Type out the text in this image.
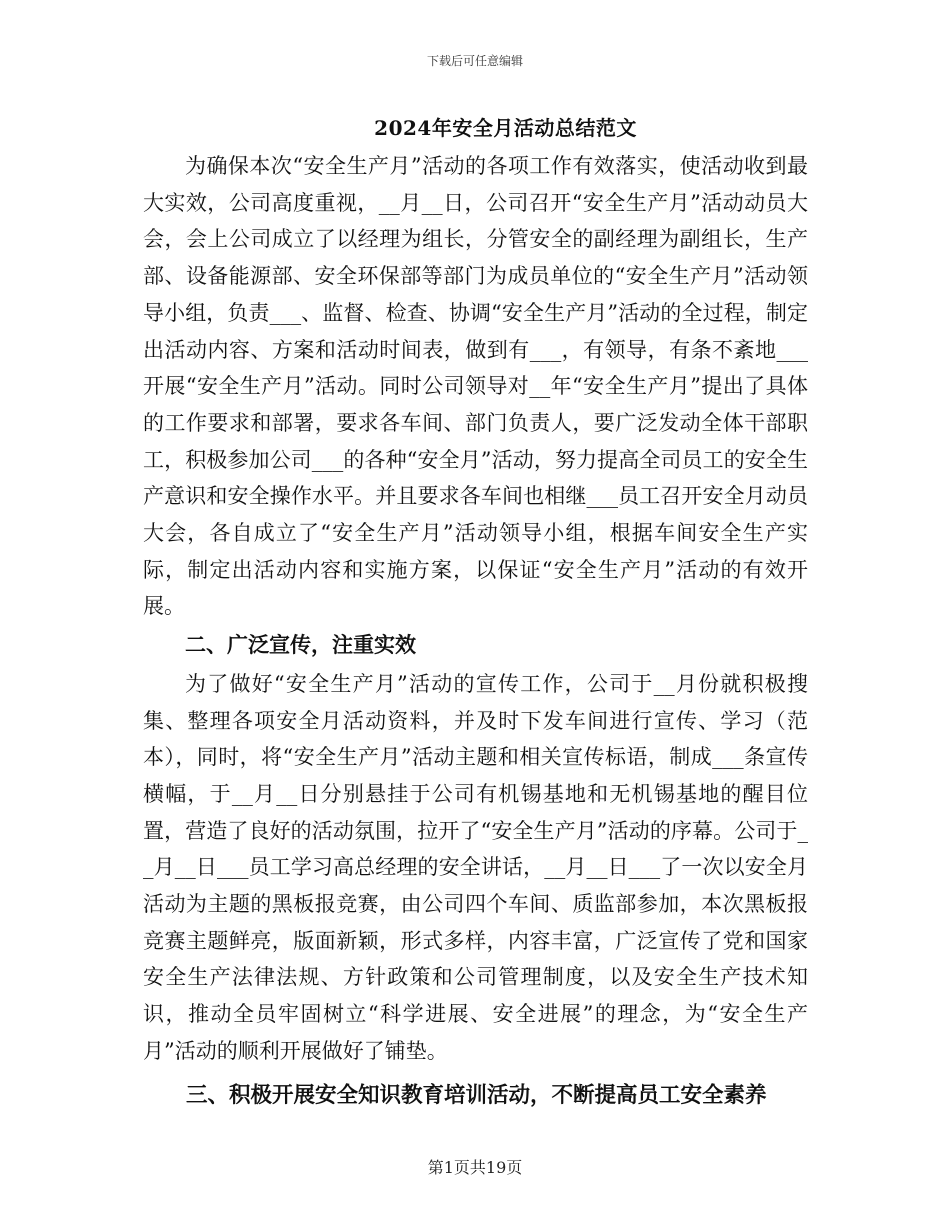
下载后可任意编辑
2024年安全月活动总结范文

为确保本次“安全生产月”活动的各项工作有效落实，使活动收到最大实效，公司高度重视，__月__日，公司召开“安全生产月”活动动员大会，会上公司成立了以经理为组长，分管安全的副经理为副组长，生产部、设备能源部、安全环保部等部门为成员单位的“安全生产月”活动领导小组，负责___、监督、检查、协调“安全生产月”活动的全过程，制定出活动内容、方案和活动时间表，做到有___，有领导，有条不紊地___开展“安全生产月”活动。同时公司领导对__年“安全生产月”提出了具体的工作要求和部署，要求各车间、部门负责人，要广泛发动全体干部职工，积极参加公司___的各种“安全月”活动，努力提高全司员工的安全生产意识和安全操作水平。并且要求各车间也相继___员工召开安全月动员大会，各自成立了“安全生产月”活动领导小组，根据车间安全生产实际，制定出活动内容和实施方案，以保证“安全生产月”活动的有效开展。

二、广泛宣传，注重实效

为了做好“安全生产月”活动的宣传工作，公司于__月份就积极搜集、整理各项安全月活动资料，并及时下发车间进行宣传、学习（范本），同时，将“安全生产月”活动主题和相关宣传标语，制成___条宣传横幅，于__月__日分别悬挂于公司有机锡基地和无机锡基地的醒目位置，营造了良好的活动氛围，拉开了“安全生产月”活动的序幕。公司于__月__日___员工学习高总经理的安全讲话，__月__日___了一次以安全月活动为主题的黑板报竞赛，由公司四个车间、质监部参加，本次黑板报竞赛主题鲜亮，版面新颖，形式多样，内容丰富，广泛宣传了党和国家安全生产法律法规、方针政策和公司管理制度，以及安全生产技术知识，推动全员牢固树立“科学进展、安全进展”的理念，为“安全生产月”活动的顺利开展做好了铺垫。

三、积极开展安全知识教育培训活动，不断提高员工安全素养

第1页共19页
